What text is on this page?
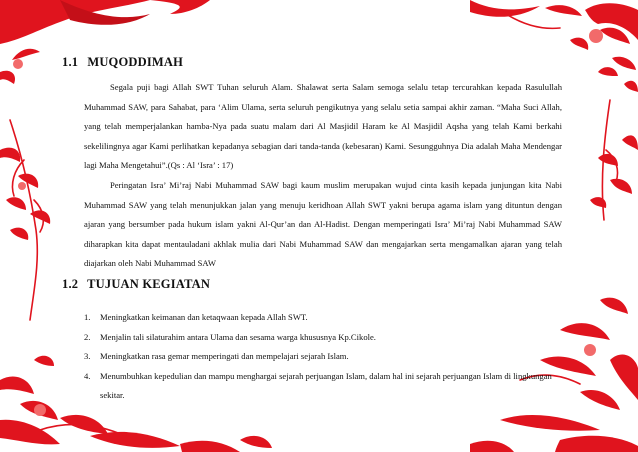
1.1 MUQODDIMAH

Segala puji bagi Allah SWT Tuhan seluruh Alam. Shalawat serta Salam semoga selalu tetap tercurahkan kepada Rasulullah Muhammad SAW, para Sahabat, para ‘Alim Ulama, serta seluruh pengikutnya yang selalu setia sampai akhir zaman. “Maha Suci Allah, yang telah memperjalankan hamba-Nya pada suatu malam dari Al Masjidil Haram ke Al Masjidil Aqsha yang telah Kami berkahi sekelilingnya agar Kami perlihatkan kepadanya sebagian dari tanda-tanda (kebesaran) Kami. Sesungguhnya Dia adalah Maha Mendengar lagi Maha Mengetahui”.(Qs : Al ‘Isra’ : 17)

Peringatan Isra’ Mi’raj Nabi Muhammad SAW bagi kaum muslim merupakan wujud cinta kasih kepada junjungan kita Nabi Muhammad SAW yang telah menunjukkan jalan yang menuju keridhoan Allah SWT yakni berupa agama islam yang dituntun dengan ajaran yang bersumber pada hukum islam yakni Al-Qur’an dan Al-Hadist. Dengan memperingati Isra’ Mi’raj Nabi Muhammad SAW diharapkan kita dapat mentauladani akhlak mulia dari Nabi Muhammad SAW dan mengajarkan serta mengamalkan ajaran yang telah diajarkan oleh Nabi Muhammad SAW

1.2 TUJUAN KEGIATAN
1. Meningkatkan keimanan dan ketaqwaan kepada Allah SWT.
2. Menjalin tali silaturahim antara Ulama dan sesama warga khususnya Kp.Cikole.
3. Meningkatkan rasa gemar memperingati dan mempelajari sejarah Islam.
4. Menumbuhkan kepedulian dan mampu menghargai sejarah perjuangan Islam, dalam hal ini sejarah perjuangan Islam di lingkungan sekitar.
